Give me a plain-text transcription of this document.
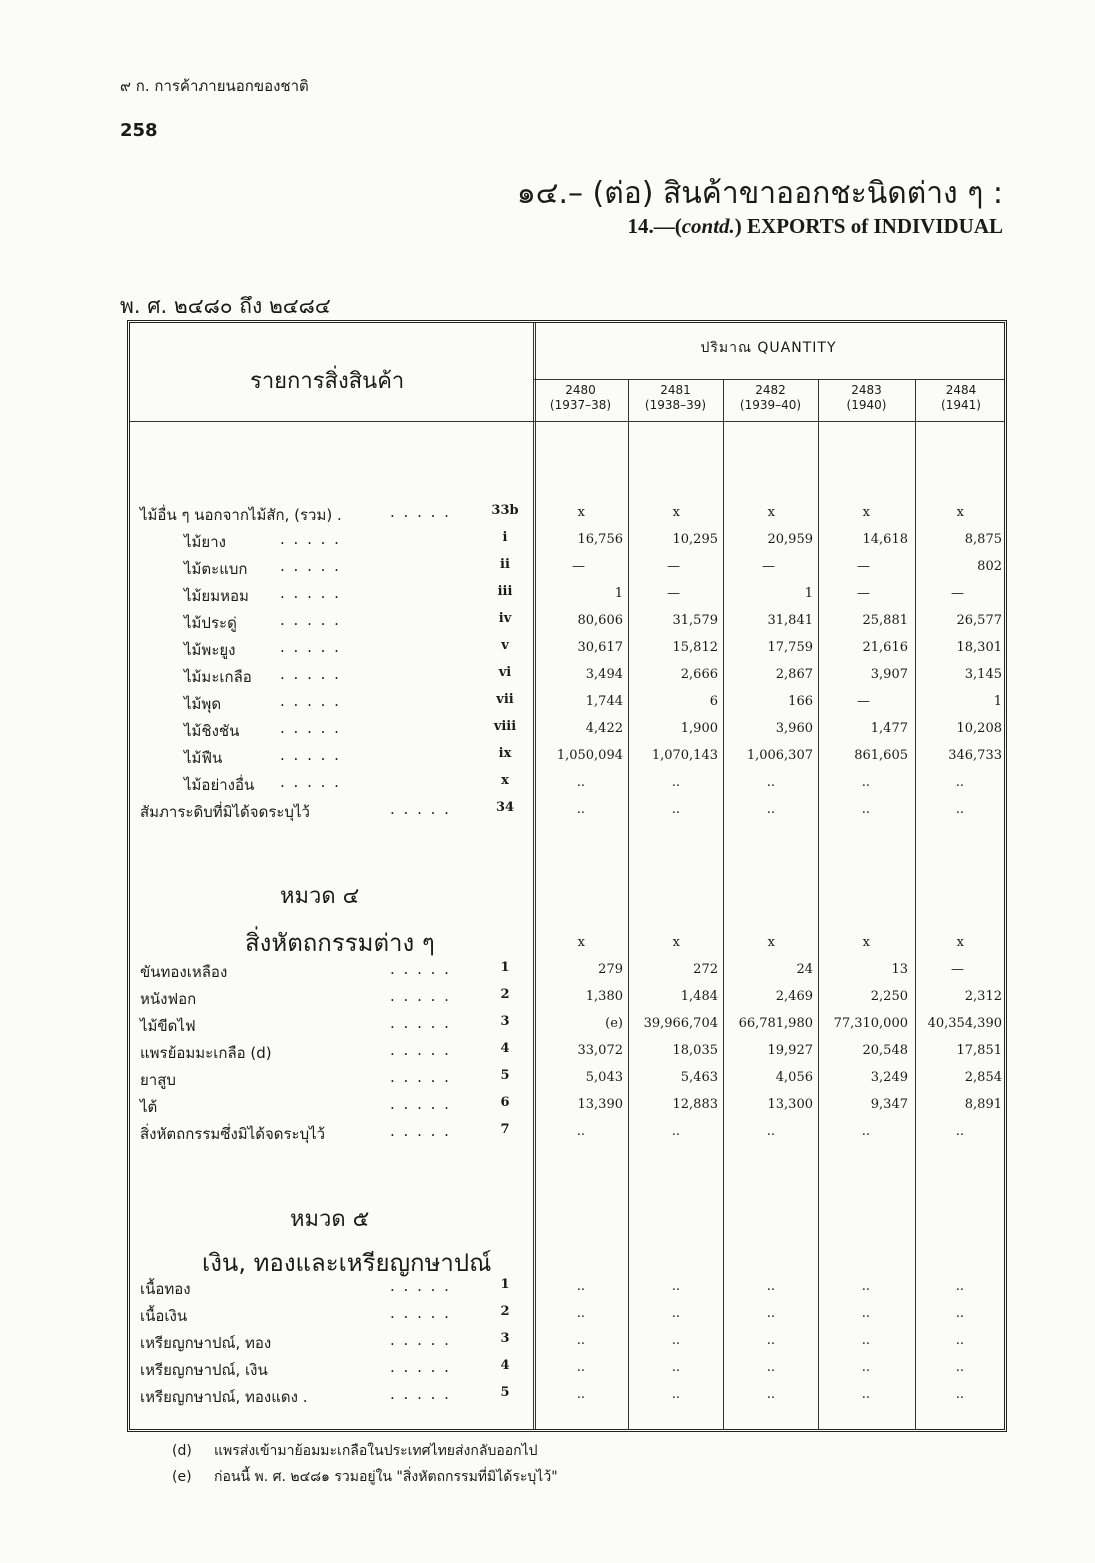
๙ ก. การค้าภายนอกของชาติ
258
๑๔.– (ต่อ) สินค้าขาออกชะนิดต่าง ๆ :
14.—(contd.) EXPORTS of INDIVIDUAL
พ. ศ. ๒๔๘๐ ถึง ๒๔๘๔
รายการสิ่งสินค้า
ปริมาณ QUANTITY
2480
(1937–38)
2481
(1938–39)
2482
(1939–40)
2483
(1940)
2484
(1941)
หมวด ๔
สิ่งหัตถกรรมต่าง ๆ
หมวด ๕
เงิน, ทองและเหรียญกษาปณ์
ไม้อื่น ๆ นอกจากไม้สัก, (รวม) .	. . . . .	33b	x	x	x	x	x
ไม้ยาง	. . . . .	i	16,756	10,295	20,959	14,618	8,875
ไม้ตะแบก . . . . .	ii	—	—	—	—	802
ไม้ยมหอม . . . . .	iii	1	—	1	—	—
ไม้ประดู่	. . . . .	iv	80,606	31,579	31,841	25,881	26,577
ไม้พะยูง	. . . . .	v	30,617	15,812	17,759	21,616	18,301
ไม้มะเกลือ . . . . .	vi	3,494	2,666	2,867	3,907	3,145
ไม้พุด	. . . . .	vii	1,744	6	166	—	1
ไม้ชิงชัน	. . . . .	viii	4,422	1,900	3,960	1,477	10,208
ไม้ฟืน	. . . . .	ix	1,050,094 1,070,143 1,006,307	861,605	346,733
ไม้อย่างอื่น . . . . .	x	..	..	..	..	..
สัมภาระดิบที่มิได้จดระบุไว้	. . . . .	34	..	..	..	..	..
x	x	x	x	x
ขันทองเหลือง	. . . . .	1	279	272	24	13	—
หนังฟอก	. . . . .	2	1,380	1,484	2,469	2,250	2,312
ไม้ขีดไฟ	. . . . .	3	(e) 39,966,704 66,781,980 77,310,000 40,354,390
แพรย้อมมะเกลือ (d)	. . . . .	4	33,072	18,035	19,927	20,548	17,851
ยาสูบ	. . . . .	5	5,043	5,463	4,056	3,249	2,854
ไต้	. . . . .	6	13,390	12,883	13,300	9,347	8,891
สิ่งหัตถกรรมซึ่งมิได้จดระบุไว้	. . . . .	7	..	..	..	..	..
เนื้อทอง	. . . . .	1	..	..	..	..	..
เนื้อเงิน	. . . . .	2	..	..	..	..	..
เหรียญกษาปณ์, ทอง	. . . . .	3	..	..	..	..	..
เหรียญกษาปณ์, เงิน	. . . . .	4	..	..	..	..	..
เหรียญกษาปณ์, ทองแดง .	. . . . .	5	..	..	..	..	..
(d) แพรส่งเข้ามาย้อมมะเกลือในประเทศไทยส่งกลับออกไป
(e) ก่อนนี้ พ. ศ. ๒๔๘๑ รวมอยู่ใน "สิ่งหัตถกรรมที่มิได้ระบุไว้"
